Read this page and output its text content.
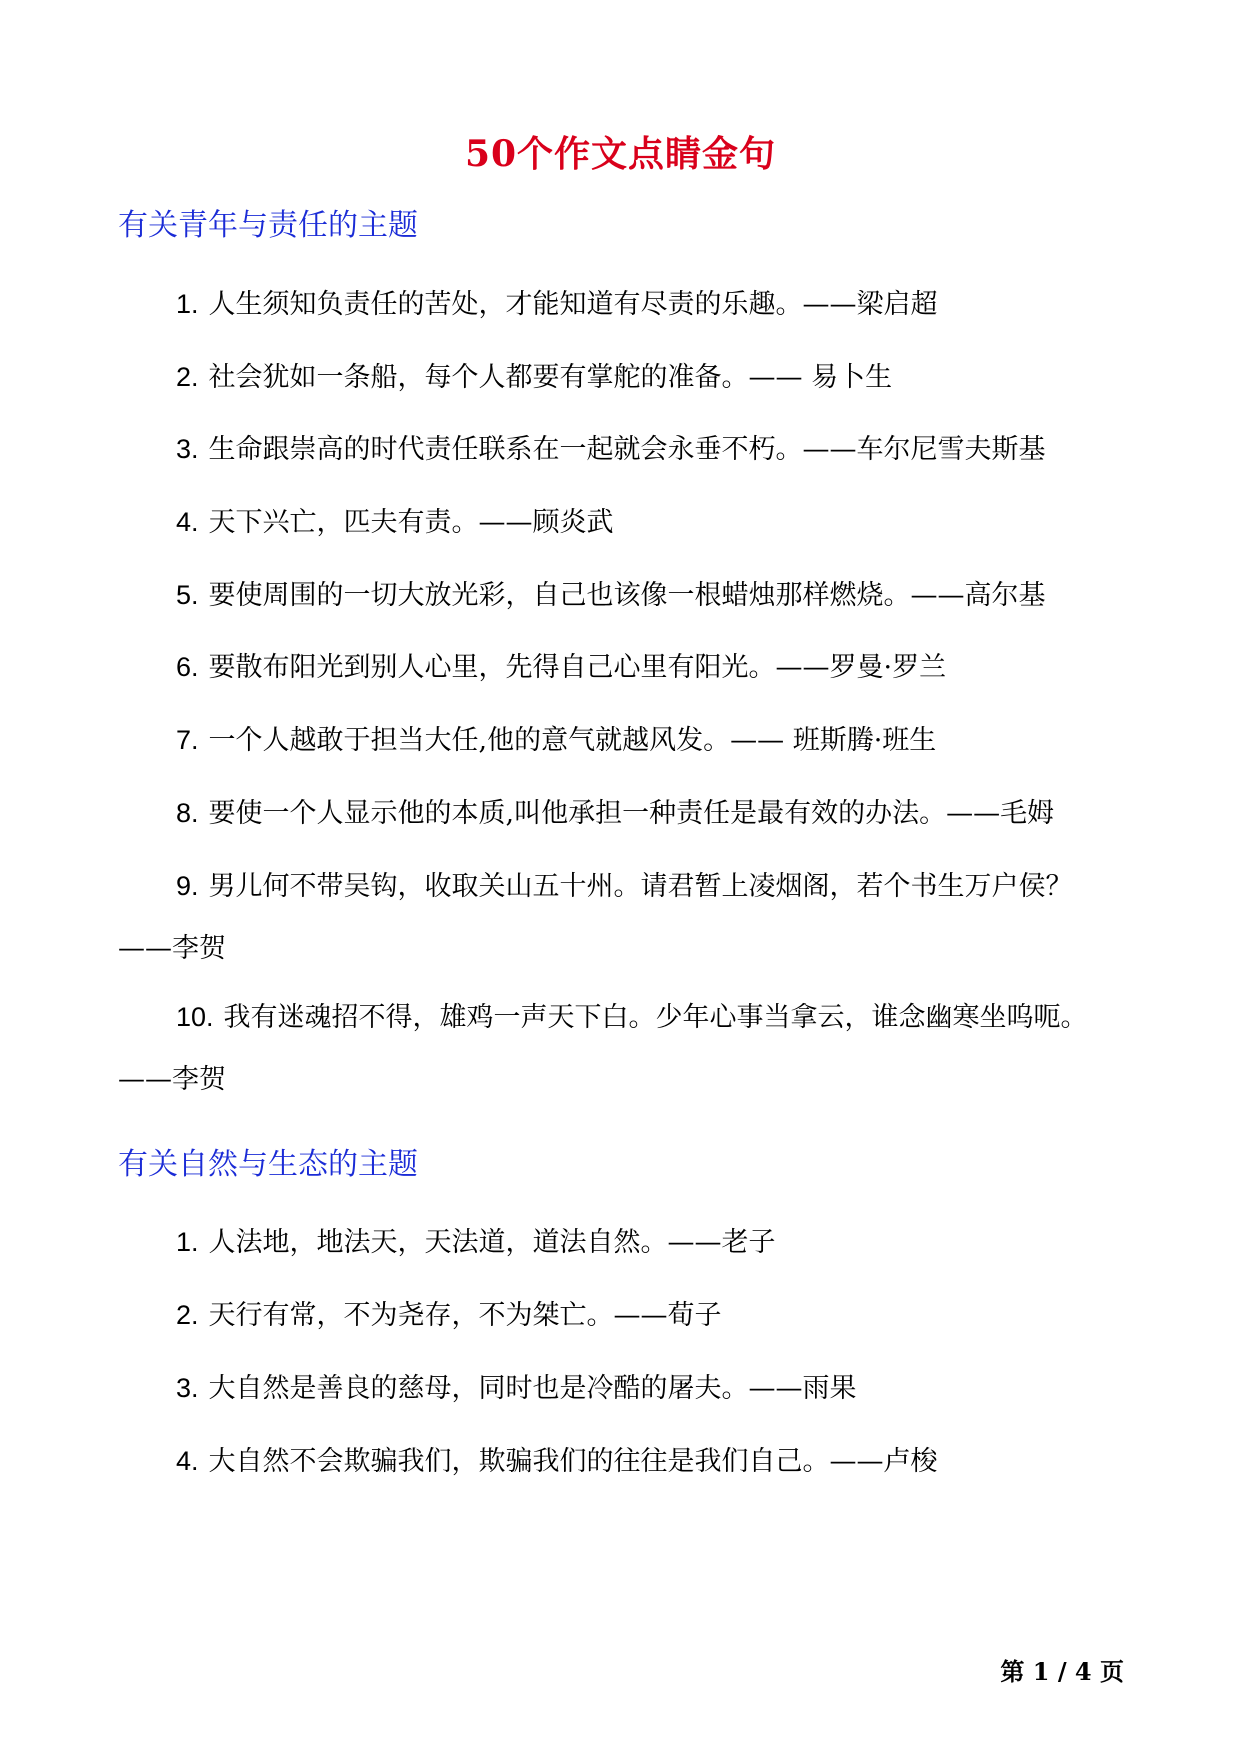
50个作文点睛金句
有关青年与责任的主题
1. 人生须知负责任的苦处，才能知道有尽责的乐趣。——梁启超
2. 社会犹如一条船，每个人都要有掌舵的准备。—— 易卜生
3. 生命跟崇高的时代责任联系在一起就会永垂不朽。——车尔尼雪夫斯基
4. 天下兴亡，匹夫有责。——顾炎武
5. 要使周围的一切大放光彩，自己也该像一根蜡烛那样燃烧。——高尔基
6. 要散布阳光到别人心里，先得自己心里有阳光。——罗曼·罗兰
7. 一个人越敢于担当大任,他的意气就越风发。—— 班斯腾·班生
8. 要使一个人显示他的本质,叫他承担一种责任是最有效的办法。——毛姆
9. 男儿何不带吴钩，收取关山五十州。请君暂上凌烟阁，若个书生万户侯？
——李贺
10. 我有迷魂招不得，雄鸡一声天下白。少年心事当拿云，谁念幽寒坐呜呃。
——李贺
有关自然与生态的主题
1. 人法地，地法天，天法道，道法自然。——老子
2. 天行有常，不为尧存，不为桀亡。——荀子
3. 大自然是善良的慈母，同时也是冷酷的屠夫。——雨果
4. 大自然不会欺骗我们，欺骗我们的往往是我们自己。——卢梭
第 1 / 4 页
